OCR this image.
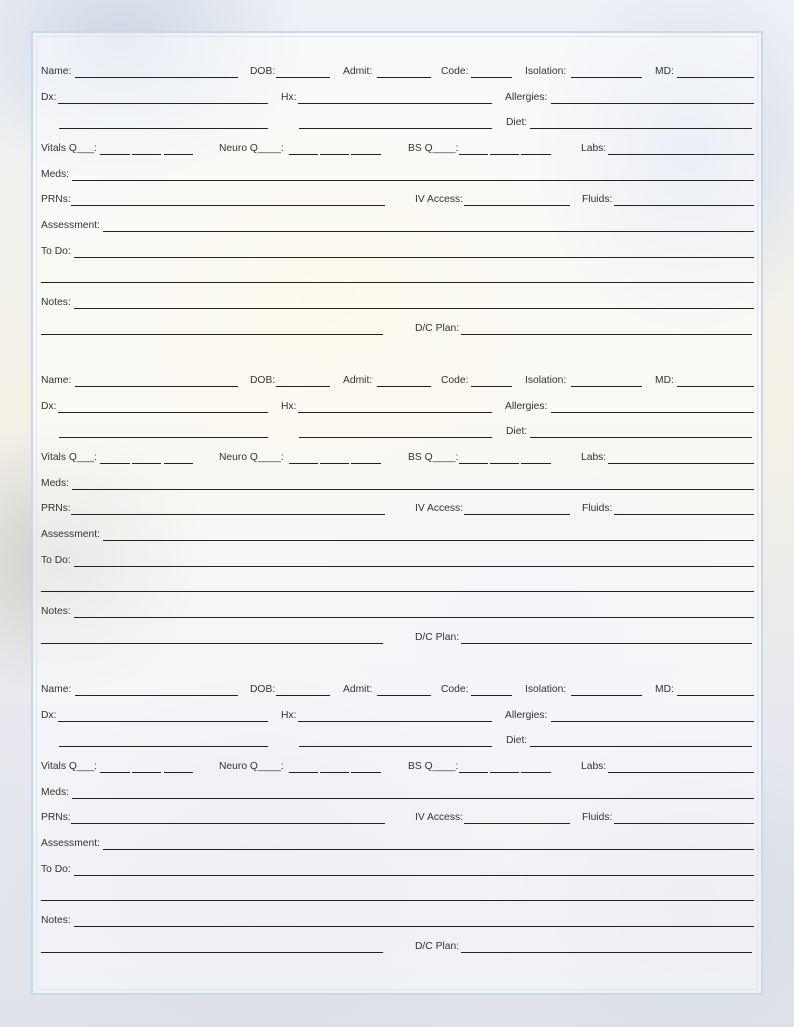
Name:	DOB:	Admit:	Code:	Isolation:	MD:
Dx:	Hx:	Allergies:
Diet:
Vitals Q___:	Neuro Q____:	BS Q____:	Labs:
Meds:
PRNs:	IV Access:	Fluids:
Assessment:
To Do:
Notes:
D/C Plan:
Name:	DOB:	Admit:	Code:	Isolation:	MD:
Dx:	Hx:	Allergies:
Diet:
Vitals Q___:	Neuro Q____:	BS Q____:	Labs:
Meds:
PRNs:	IV Access:	Fluids:
Assessment:
To Do:
Notes:
D/C Plan:
Name:	DOB:	Admit:	Code:	Isolation:	MD:
Dx:	Hx:	Allergies:
Diet:
Vitals Q___:	Neuro Q____:	BS Q____:	Labs:
Meds:
PRNs:	IV Access:	Fluids:
Assessment:
To Do:
Notes:
D/C Plan:
